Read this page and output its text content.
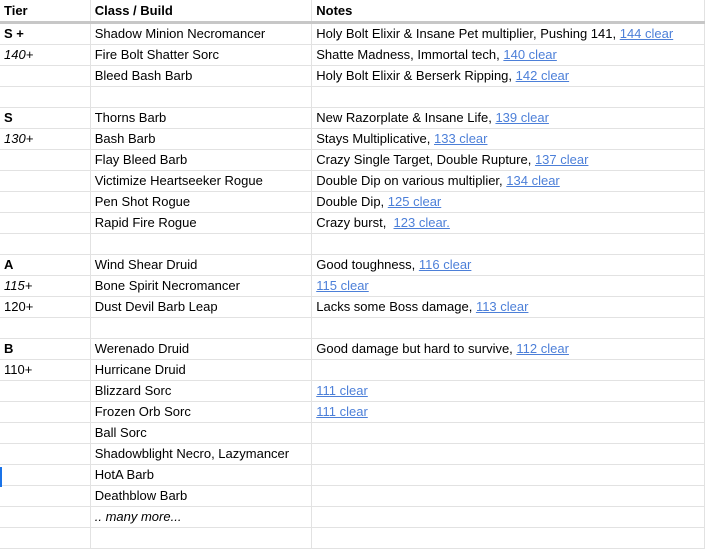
Tier	Class / Build	Notes
S +	Shadow Minion Necromancer	Holy Bolt Elixir & Insane Pet multiplier, Pushing 141, 144 clear
140+	Fire Bolt Shatter Sorc	Shatte Madness, Immortal tech, 140 clear
	Bleed Bash Barb	Holy Bolt Elixir & Berserk Ripping, 142 clear

S	Thorns Barb	New Razorplate & Insane Life, 139 clear
130+	Bash Barb	Stays Multiplicative, 133 clear
	Flay Bleed Barb	Crazy Single Target, Double Rupture, 137 clear
	Victimize Heartseeker Rogue	Double Dip on various multiplier, 134 clear
	Pen Shot Rogue	Double Dip, 125 clear
	Rapid Fire Rogue	Crazy burst,  123 clear.

A	Wind Shear Druid	Good toughness, 116 clear
115+	Bone Spirit Necromancer	115 clear
120+	Dust Devil Barb Leap	Lacks some Boss damage, 113 clear

B	Werenado Druid	Good damage but hard to survive, 112 clear
110+	Hurricane Druid	
	Blizzard Sorc	111 clear
	Frozen Orb Sorc	111 clear
	Ball Sorc	
	Shadowblight Necro, Lazymancer	
	HotA Barb	
	Deathblow Barb	
	.. many more...	
